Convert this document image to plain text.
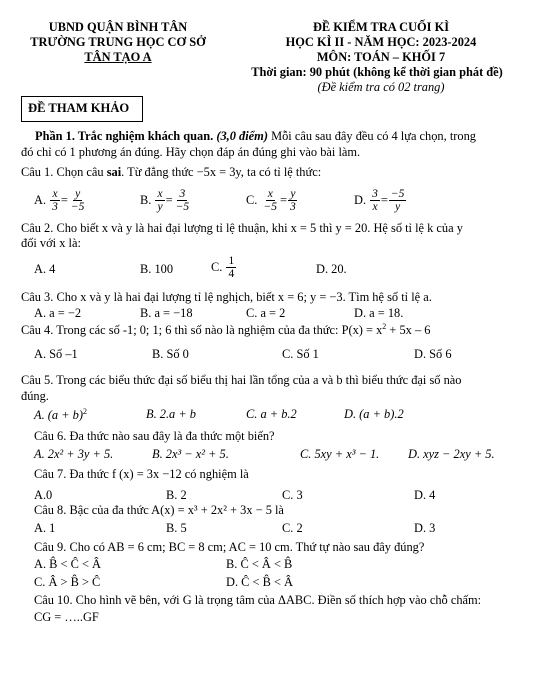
UBND QUẬN BÌNH TÂN
TRƯỜNG TRUNG HỌC CƠ SỞ
TÂN TẠO A
ĐỀ KIỂM TRA CUỐI KÌ
HỌC KÌ II - NĂM HỌC: 2023-2024
MÔN: TOÁN – KHỐI 7
Thời gian: 90 phút (không kể thời gian phát đề)
(Đề kiểm tra có 02 trang)
ĐỀ THAM KHẢO
Phần 1. Trắc nghiệm khách quan. (3,0 điểm) Mỗi câu sau đây đều có 4 lựa chọn, trong
đó chỉ có 1 phương án đúng. Hãy chọn đáp án đúng ghi vào bài làm.
Câu 1. Chọn câu sai. Từ đẳng thức −5x = 3y, ta có tỉ lệ thức:
A.
$\frac{x}{3} = \frac{y}{-5}$	B.
$\frac{x}{y} = \frac{3}{-5}$	C.
$\frac{x}{-5} = \frac{y}{3}$	D.
$\frac{3}{x} = \frac{-5}{y}$
Câu 2. Cho biết x và y là hai đại lượng tỉ lệ thuận, khi x = 5 thì y = 20. Hệ số tỉ lệ k của y
đối với x là:
A. 4	B. 100	C.
$\frac{1}{4}$	D. 20.
Câu 3. Cho x và y là hai đại lượng tỉ lệ nghịch, biết x = 6; y = −3. Tìm hệ số tỉ lệ a.
A. a = −2	B. a = −18	C. a = 2	D. a = 18.
Câu 4. Trong các số -1; 0; 1; 6 thì số nào là nghiệm của đa thức: $P(x) = x^2 + 5x - 6$
A. Số –1	B. Số 0	C. Số 1	D. Số 6
Câu 5. Trong các biểu thức đại số biểu thị hai lần tổng của a và b thì biểu thức đại số nào
đúng.
A. $(a + b)^2$	B. 2.a + b	C. a + b.2	D. (a + b).2
Câu 6. Đa thức nào sau đây là đa thức một biến?
A. 2x² + 3y + 5.	B. 2x³ − x² + 5.	C. 5xy + x³ − 1. D. xyz − 2xy + 5.
Câu 7. Đa thức f (x) = 3x −12 có nghiệm là
A.0	B. 2	C. 3	D. 4
Câu 8. Bậc của đa thức A(x) = x³ + 2x² + 3x − 5 là
A. 1	B. 5	C. 2	D. 3
Câu 9. Cho có AB = 6 cm; BC = 8 cm; AC = 10 cm. Thứ tự nào sau đây đúng?
A. B̂ < Ĉ < Â	B. Ĉ < Â < B̂
C. Â > B̂ > Ĉ	D. Ĉ < B̂ < Â
Câu 10. Cho hình vẽ bên, với G là trọng tâm của ΔABC. Điền số thích hợp vào chỗ chấm:
CG = …..GF
